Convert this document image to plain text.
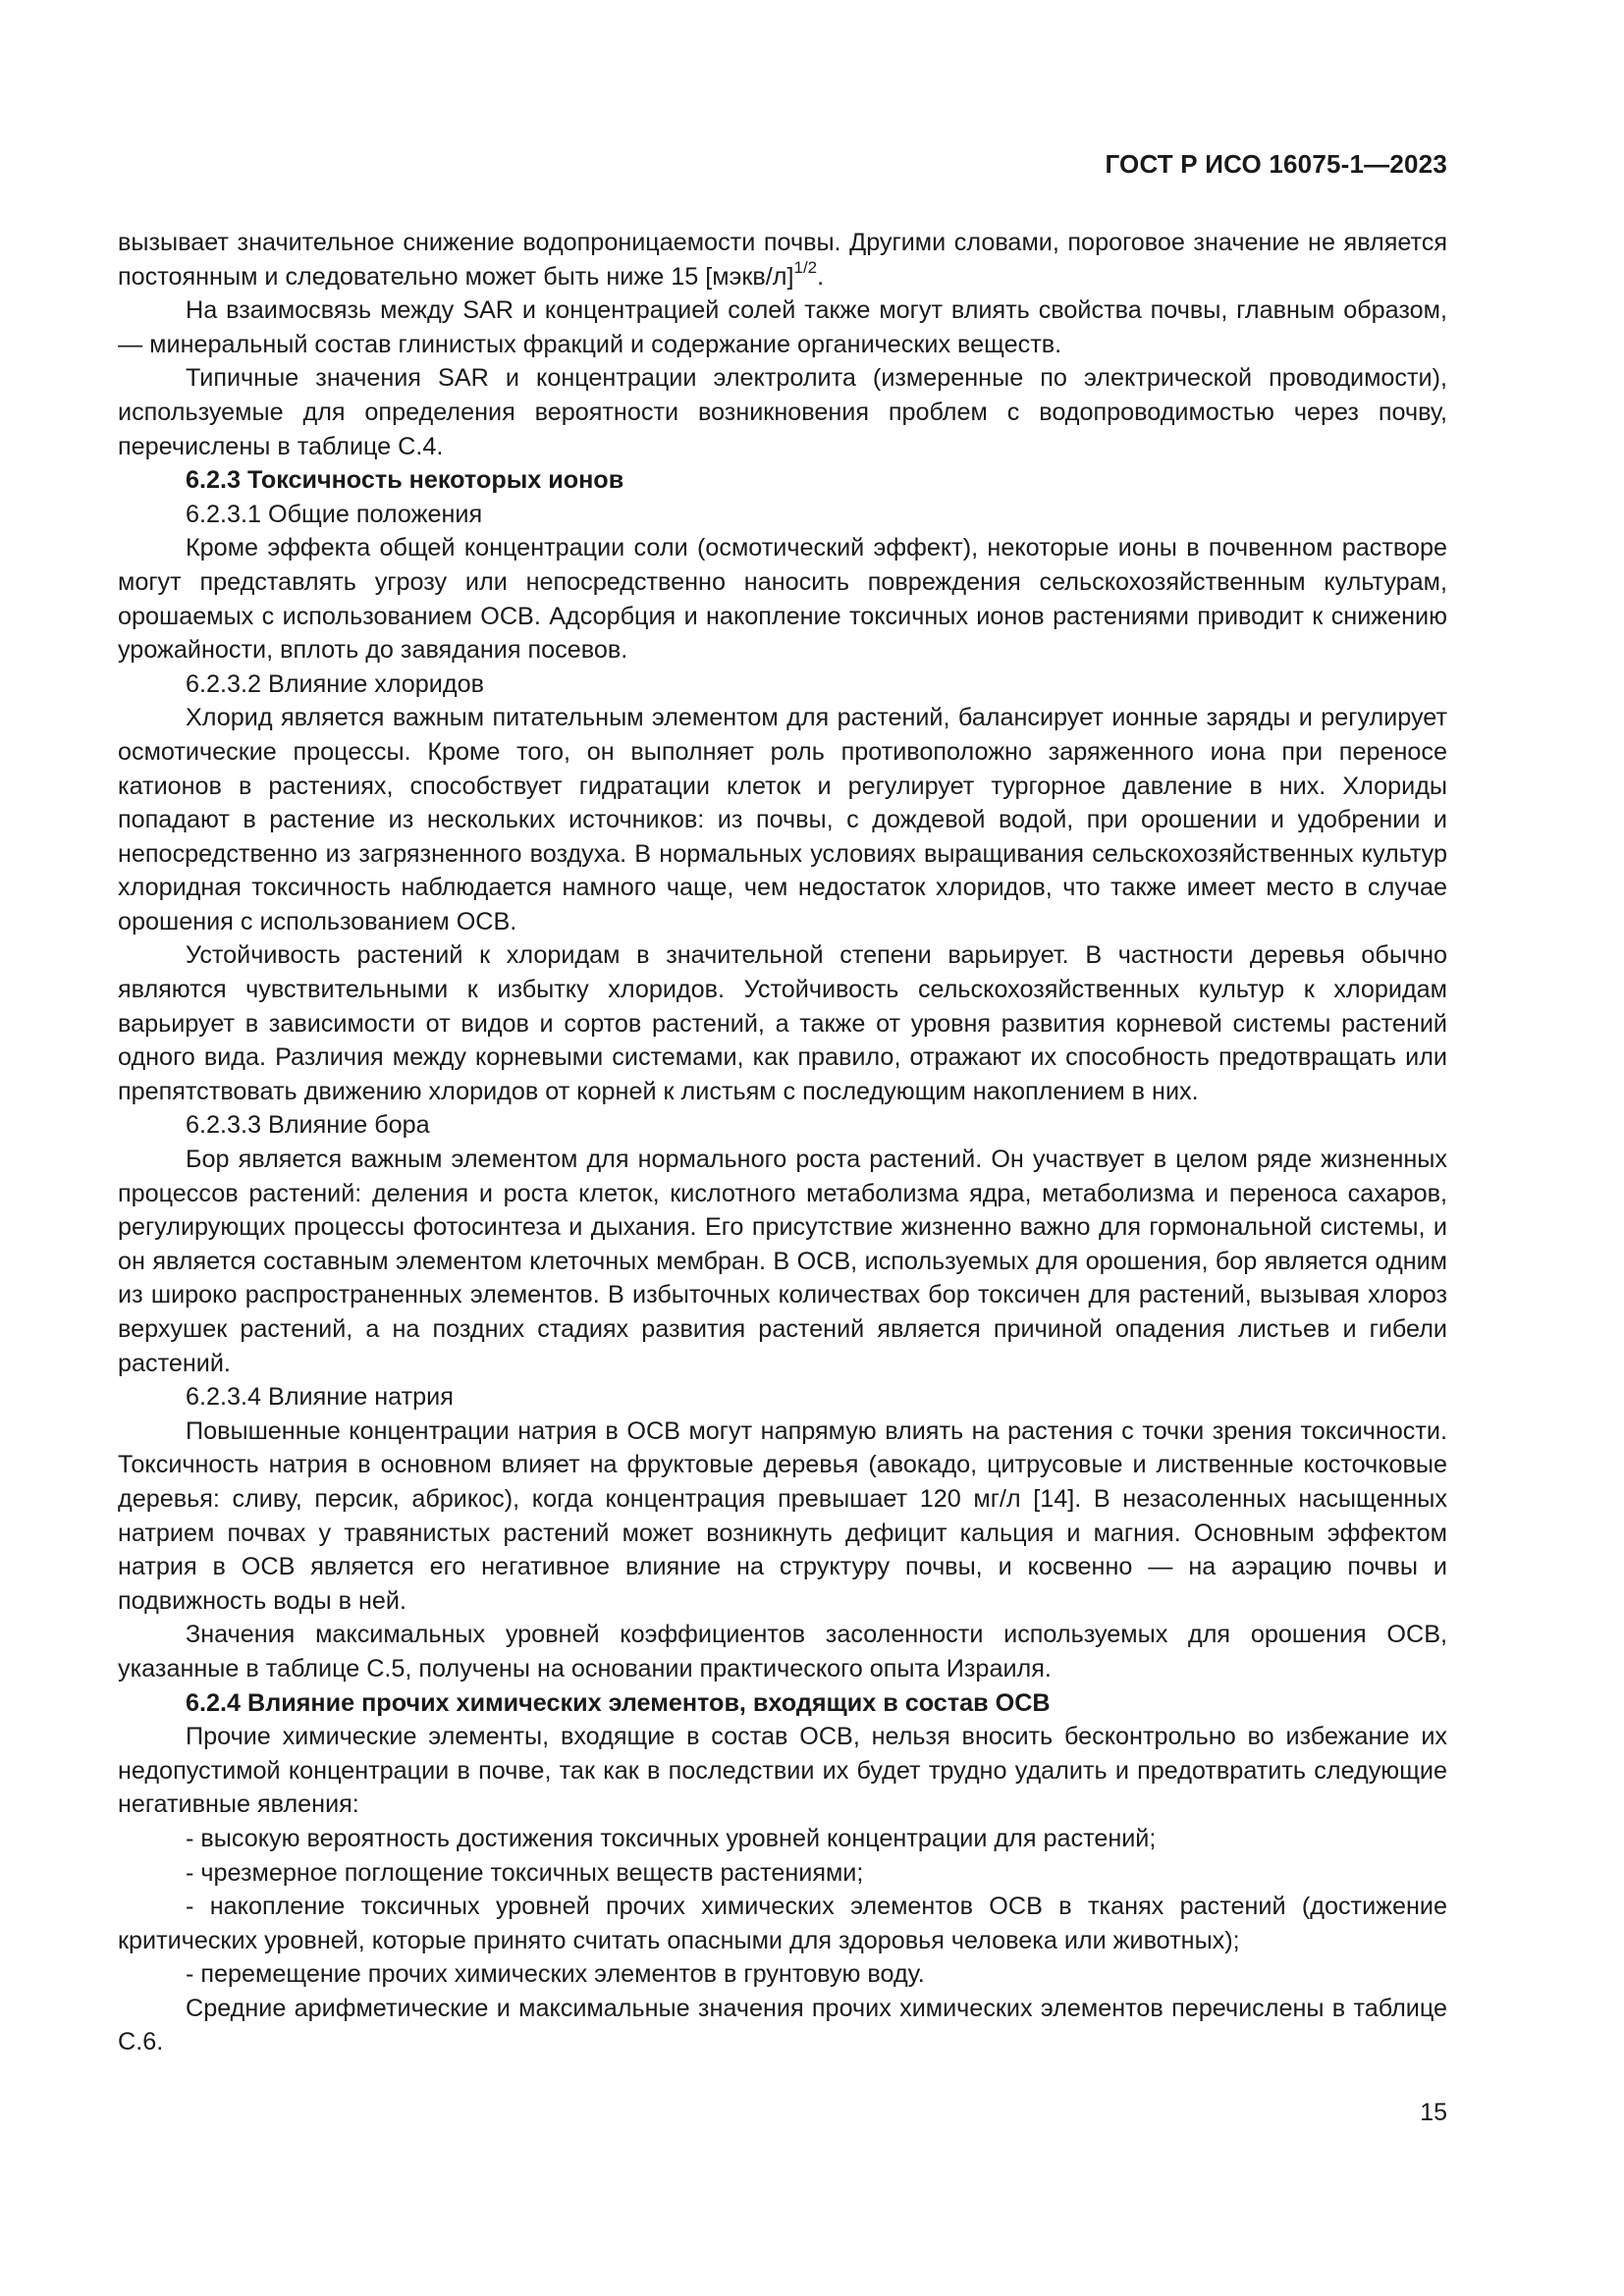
ГОСТ Р ИСО 16075-1—2023

вызывает значительное снижение водопроницаемости почвы. Другими словами, пороговое значение не является постоянным и следовательно может быть ниже 15 [мэкв/л]$^{1/2}$.

На взаимосвязь между SAR и концентрацией солей также могут влиять свойства почвы, главным образом, — минеральный состав глинистых фракций и содержание органических веществ.

Типичные значения SAR и концентрации электролита (измеренные по электрической проводимости), используемые для определения вероятности возникновения проблем с водопроводимостью через почву, перечислены в таблице С.4.

6.2.3 Токсичность некоторых ионов

6.2.3.1 Общие положения

Кроме эффекта общей концентрации соли (осмотический эффект), некоторые ионы в почвенном растворе могут представлять угрозу или непосредственно наносить повреждения сельскохозяйственным культурам, орошаемых с использованием ОСВ. Адсорбция и накопление токсичных ионов растениями приводит к снижению урожайности, вплоть до завядания посевов.

6.2.3.2 Влияние хлоридов

Хлорид является важным питательным элементом для растений, балансирует ионные заряды и регулирует осмотические процессы. Кроме того, он выполняет роль противоположно заряженного иона при переносе катионов в растениях, способствует гидратации клеток и регулирует тургорное давление в них. Хлориды попадают в растение из нескольких источников: из почвы, с дождевой водой, при орошении и удобрении и непосредственно из загрязненного воздуха. В нормальных условиях выращивания сельскохозяйственных культур хлоридная токсичность наблюдается намного чаще, чем недостаток хлоридов, что также имеет место в случае орошения с использованием ОСВ.

Устойчивость растений к хлоридам в значительной степени варьирует. В частности деревья обычно являются чувствительными к избытку хлоридов. Устойчивость сельскохозяйственных культур к хлоридам варьирует в зависимости от видов и сортов растений, а также от уровня развития корневой системы растений одного вида. Различия между корневыми системами, как правило, отражают их способность предотвращать или препятствовать движению хлоридов от корней к листьям с последующим накоплением в них.

6.2.3.3 Влияние бора

Бор является важным элементом для нормального роста растений. Он участвует в целом ряде жизненных процессов растений: деления и роста клеток, кислотного метаболизма ядра, метаболизма и переноса сахаров, регулирующих процессы фотосинтеза и дыхания. Его присутствие жизненно важно для гормональной системы, и он является составным элементом клеточных мембран. В ОСВ, используемых для орошения, бор является одним из широко распространенных элементов. В избыточных количествах бор токсичен для растений, вызывая хлороз верхушек растений, а на поздних стадиях развития растений является причиной опадения листьев и гибели растений.

6.2.3.4 Влияние натрия

Повышенные концентрации натрия в ОСВ могут напрямую влиять на растения с точки зрения токсичности. Токсичность натрия в основном влияет на фруктовые деревья (авокадо, цитрусовые и лиственные косточковые деревья: сливу, персик, абрикос), когда концентрация превышает 120 мг/л [14]. В незасоленных насыщенных натрием почвах у травянистых растений может возникнуть дефицит кальция и магния. Основным эффектом натрия в ОСВ является его негативное влияние на структуру почвы, и косвенно — на аэрацию почвы и подвижность воды в ней.

Значения максимальных уровней коэффициентов засоленности используемых для орошения ОСВ, указанные в таблице С.5, получены на основании практического опыта Израиля.

6.2.4 Влияние прочих химических элементов, входящих в состав ОСВ

Прочие химические элементы, входящие в состав ОСВ, нельзя вносить бесконтрольно во избежание их недопустимой концентрации в почве, так как в последствии их будет трудно удалить и предотвратить следующие негативные явления:

- высокую вероятность достижения токсичных уровней концентрации для растений;

- чрезмерное поглощение токсичных веществ растениями;

- накопление токсичных уровней прочих химических элементов ОСВ в тканях растений (достижение критических уровней, которые принято считать опасными для здоровья человека или животных);

- перемещение прочих химических элементов в грунтовую воду.

Средние арифметические и максимальные значения прочих химических элементов перечислены в таблице С.6.

15
